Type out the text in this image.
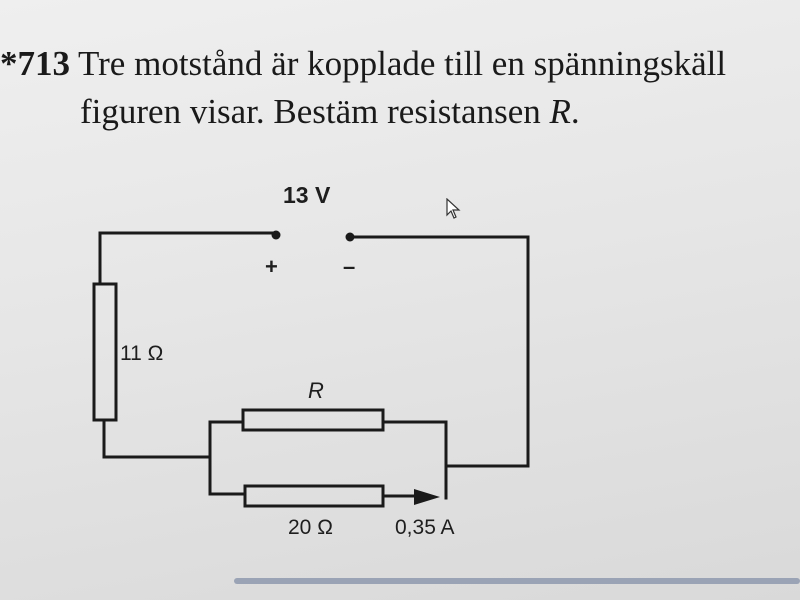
*713 Tre motstånd är kopplade till en spänningskäll
figuren visar. Bestäm resistansen R.
13 V
+	–
11 Ω
R
20 Ω	0,35 A
